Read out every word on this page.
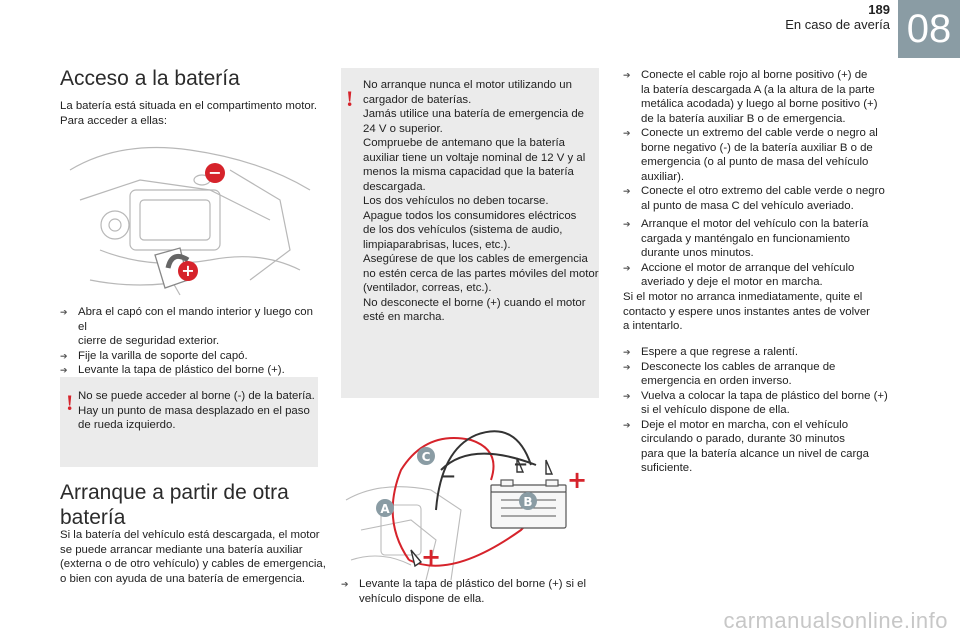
189
En caso de avería 08
Acceso a la batería

La batería está situada en el compartimento motor.

Para acceder a ellas:

−
+
➔ Abra el capó con el mando interior y luego con el
cierre de seguridad exterior.
➔ Fije la varilla de soporte del capó.
➔ Levante la tapa de plástico del borne (+).
! No se puede acceder al borne (-) de la batería.

Hay un punto de masa desplazado en el paso

de rueda izquierdo.

Arranque a partir de otra
batería

Si la batería del vehículo está descargada, el motor

se puede arrancar mediante una batería auxiliar

(externa o de otro vehículo) y cables de emergencia,

o bien con ayuda de una batería de emergencia.

!

No arranque nunca el motor utilizando un

cargador de baterías.

Jamás utilice una batería de emergencia de

24 V o superior.

Compruebe de antemano que la batería

auxiliar tiene un voltaje nominal de 12 V y al

menos la misma capacidad que la batería

descargada.

Los dos vehículos no deben tocarse.

Apague todos los consumidores eléctricos

de los dos vehículos (sistema de audio,

limpiaparabrisas, luces, etc.).

Asegúrese de que los cables de emergencia

no estén cerca de las partes móviles del motor

(ventilador, correas, etc.).

No desconecte el borne (+) cuando el motor

esté en marcha.

−
−
+
+
C
B
A
➔ Levante la tapa de plástico del borne (+) si el
vehículo dispone de ella.
➔ Conecte el cable rojo al borne positivo (+) de
la batería descargada A (a la altura de la parte
metálica acodada) y luego al borne positivo (+)
de la batería auxiliar B o de emergencia.
➔ Conecte un extremo del cable verde o negro al
borne negativo (-) de la batería auxiliar B o de
emergencia (o al punto de masa del vehículo
auxiliar).
➔ Conecte el otro extremo del cable verde o negro
al punto de masa C del vehículo averiado.
➔ Arranque el motor del vehículo con la batería
cargada y manténgalo en funcionamiento
durante unos minutos.
➔ Accione el motor de arranque del vehículo
averiado y deje el motor en marcha.

Si el motor no arranca inmediatamente, quite el

contacto y espere unos instantes antes de volver

a intentarlo.

➔ Espere a que regrese a ralentí.
➔ Desconecte los cables de arranque de
emergencia en orden inverso.
➔ Vuelva a colocar la tapa de plástico del borne (+)
si el vehículo dispone de ella.
➔ Deje el motor en marcha, con el vehículo
circulando o parado, durante 30 minutos
para que la batería alcance un nivel de carga
suficiente.
carmanualsonline.info
